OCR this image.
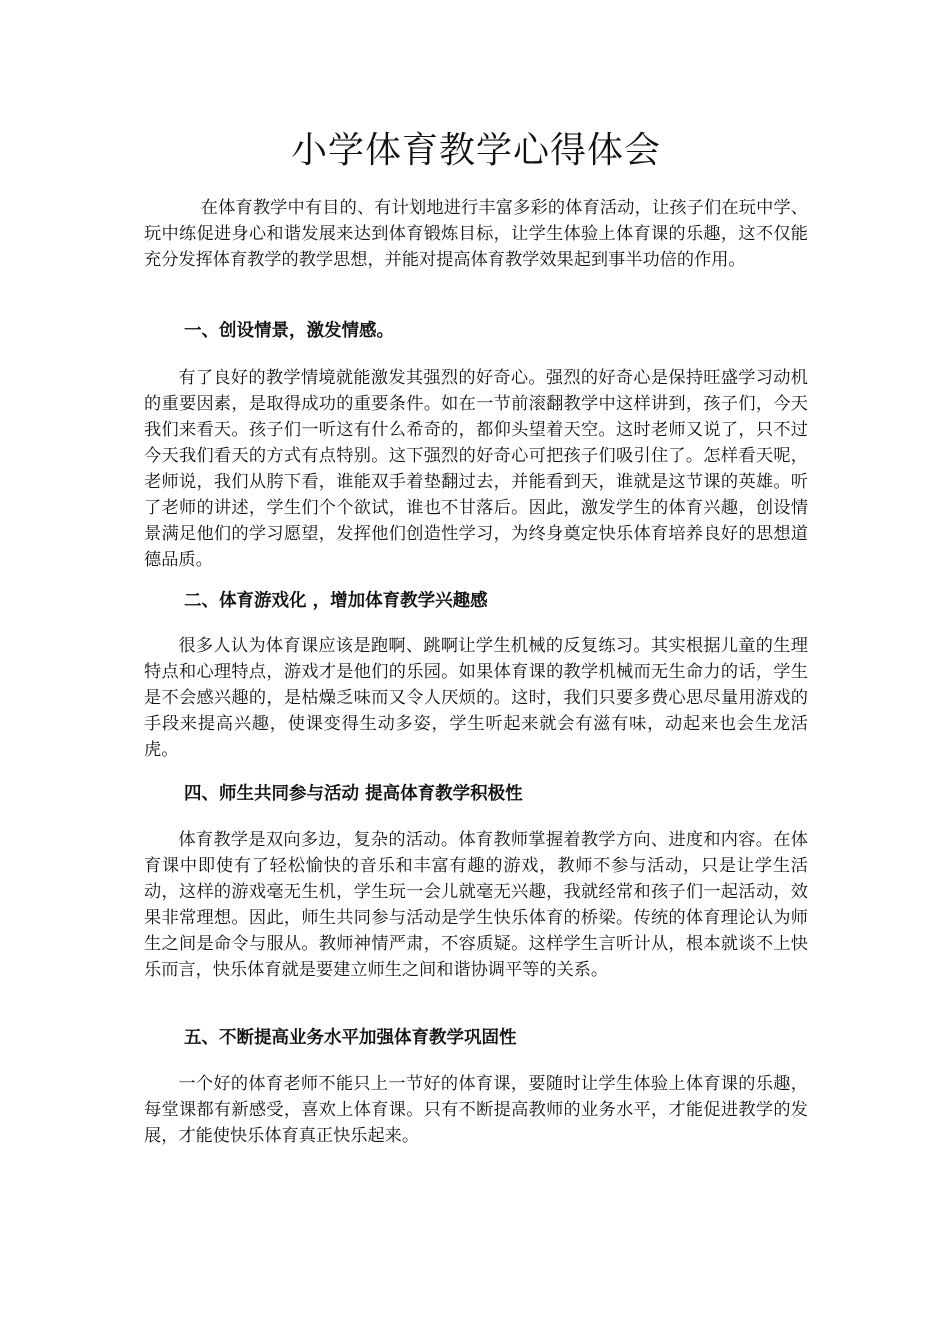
小学体育教学心得体会

在体育教学中有目的、有计划地进行丰富多彩的体育活动，让孩子们在玩中学、玩中练促进身心和谐发展来达到体育锻炼目标，让学生体验上体育课的乐趣，这不仅能充分发挥体育教学的教学思想，并能对提高体育教学效果起到事半功倍的作用。

一、创设情景，激发情感。

有了良好的教学情境就能激发其强烈的好奇心。强烈的好奇心是保持旺盛学习动机的重要因素，是取得成功的重要条件。如在一节前滚翻教学中这样讲到，孩子们，今天我们来看天。孩子们一听这有什么希奇的，都仰头望着天空。这时老师又说了，只不过今天我们看天的方式有点特别。这下强烈的好奇心可把孩子们吸引住了。怎样看天呢，老师说，我们从胯下看，谁能双手着垫翻过去，并能看到天，谁就是这节课的英雄。听了老师的讲述，学生们个个欲试，谁也不甘落后。因此，激发学生的体育兴趣，创设情景满足他们的学习愿望，发挥他们创造性学习，为终身奠定快乐体育培养良好的思想道德品质。

二、体育游戏化 ，增加体育教学兴趣感

很多人认为体育课应该是跑啊、跳啊让学生机械的反复练习。其实根据儿童的生理特点和心理特点，游戏才是他们的乐园。如果体育课的教学机械而无生命力的话，学生是不会感兴趣的，是枯燥乏味而又令人厌烦的。这时，我们只要多费心思尽量用游戏的手段来提高兴趣，使课变得生动多姿，学生听起来就会有滋有味，动起来也会生龙活虎。

四、师生共同参与活动 提高体育教学积极性

体育教学是双向多边，复杂的活动。体育教师掌握着教学方向、进度和内容。在体育课中即使有了轻松愉快的音乐和丰富有趣的游戏，教师不参与活动，只是让学生活动，这样的游戏毫无生机，学生玩一会儿就毫无兴趣，我就经常和孩子们一起活动，效果非常理想。因此，师生共同参与活动是学生快乐体育的桥梁。传统的体育理论认为师生之间是命令与服从。教师神情严肃，不容质疑。这样学生言听计从，根本就谈不上快乐而言，快乐体育就是要建立师生之间和谐协调平等的关系。

五、不断提高业务水平加强体育教学巩固性

一个好的体育老师不能只上一节好的体育课，要随时让学生体验上体育课的乐趣，每堂课都有新感受，喜欢上体育课。只有不断提高教师的业务水平，才能促进教学的发展，才能使快乐体育真正快乐起来。
